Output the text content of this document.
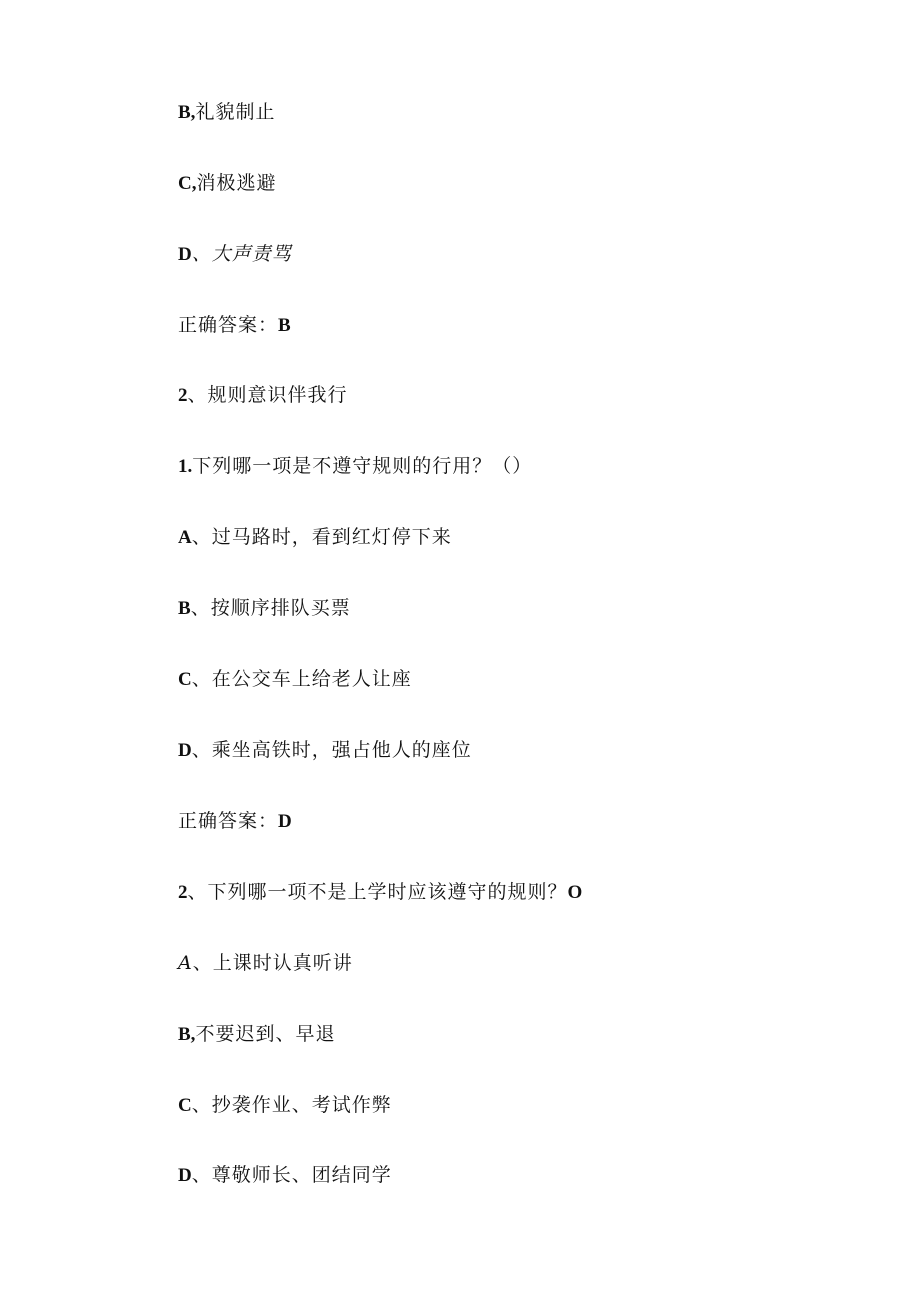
B,礼貌制止
C,消极逃避
D、大声责骂
正确答案：B
2、规则意识伴我行
1.下列哪一项是不遵守规则的行用？（）
A、过马路时，看到红灯停下来
B、按顺序排队买票
C、在公交车上给老人让座
D、乘坐高铁时，强占他人的座位
正确答案：D
2、下列哪一项不是上学时应该遵守的规则？O
A、上课时认真听讲
B,不要迟到、早退
C、抄袭作业、考试作弊
D、尊敬师长、团结同学
